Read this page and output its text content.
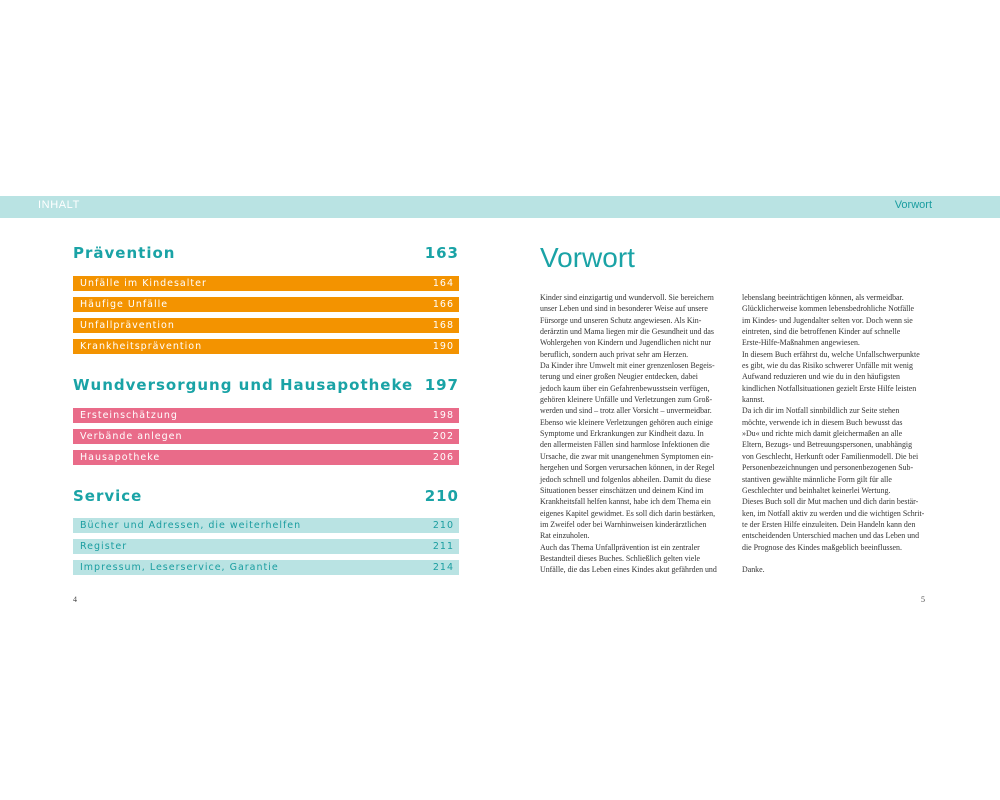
INHALT	Vorwort
Prävention	163
Unfälle im Kindesalter	164
Häufige Unfälle	166
Unfallprävention	168
Krankheitsprävention	190
Wundversorgung und Hausapotheke 197
Ersteinschätzung	198
Verbände anlegen	202
Hausapotheke	206
Service	210
Bücher und Adressen, die weiterhelfen	210
Register	211
Impressum, Leserservice, Garantie	214
4
Vorwort
Kinder sind einzigartig und wundervoll. Sie bereichern
unser Leben und sind in besonderer Weise auf unsere
Fürsorge und unseren Schutz angewiesen. Als Kin-
derärztin und Mama liegen mir die Gesundheit und das
Wohlergehen von Kindern und Jugendlichen nicht nur
beruflich, sondern auch privat sehr am Herzen.
Da Kinder ihre Umwelt mit einer grenzenlosen Begeis-
terung und einer großen Neugier entdecken, dabei
jedoch kaum über ein Gefahrenbewusstsein verfügen,
gehören kleinere Unfälle und Verletzungen zum Groß-
werden und sind – trotz aller Vorsicht – unvermeidbar.
Ebenso wie kleinere Verletzungen gehören auch einige
Symptome und Erkrankungen zur Kindheit dazu. In
den allermeisten Fällen sind harmlose Infektionen die
Ursache, die zwar mit unangenehmen Symptomen ein-
hergehen und Sorgen verursachen können, in der Regel
jedoch schnell und folgenlos abheilen. Damit du diese
Situationen besser einschätzen und deinem Kind im
Krankheitsfall helfen kannst, habe ich dem Thema ein
eigenes Kapitel gewidmet. Es soll dich darin bestärken,
im Zweifel oder bei Warnhinweisen kinderärztlichen
Rat einzuholen.
Auch das Thema Unfallprävention ist ein zentraler
Bestandteil dieses Buches. Schließlich gelten viele
Unfälle, die das Leben eines Kindes akut gefährden und
lebenslang beeinträchtigen können, als vermeidbar.
Glücklicherweise kommen lebensbedrohliche Notfälle
im Kindes- und Jugendalter selten vor. Doch wenn sie
eintreten, sind die betroffenen Kinder auf schnelle
Erste-Hilfe-Maßnahmen angewiesen.
In diesem Buch erfährst du, welche Unfallschwerpunkte
es gibt, wie du das Risiko schwerer Unfälle mit wenig
Aufwand reduzieren und wie du in den häufigsten
kindlichen Notfallsituationen gezielt Erste Hilfe leisten
kannst.
Da ich dir im Notfall sinnbildlich zur Seite stehen
möchte, verwende ich in diesem Buch bewusst das
»Du« und richte mich damit gleichermaßen an alle
Eltern, Bezugs- und Betreuungspersonen, unabhängig
von Geschlecht, Herkunft oder Familienmodell. Die bei
Personenbezeichnungen und personenbezogenen Sub-
stantiven gewählte männliche Form gilt für alle
Geschlechter und beinhaltet keinerlei Wertung.
Dieses Buch soll dir Mut machen und dich darin bestär-
ken, im Notfall aktiv zu werden und die wichtigen Schrit-
te der Ersten Hilfe einzuleiten. Dein Handeln kann den
entscheidenden Unterschied machen und das Leben und
die Prognose des Kindes maßgeblich beeinflussen.
Danke.
5
